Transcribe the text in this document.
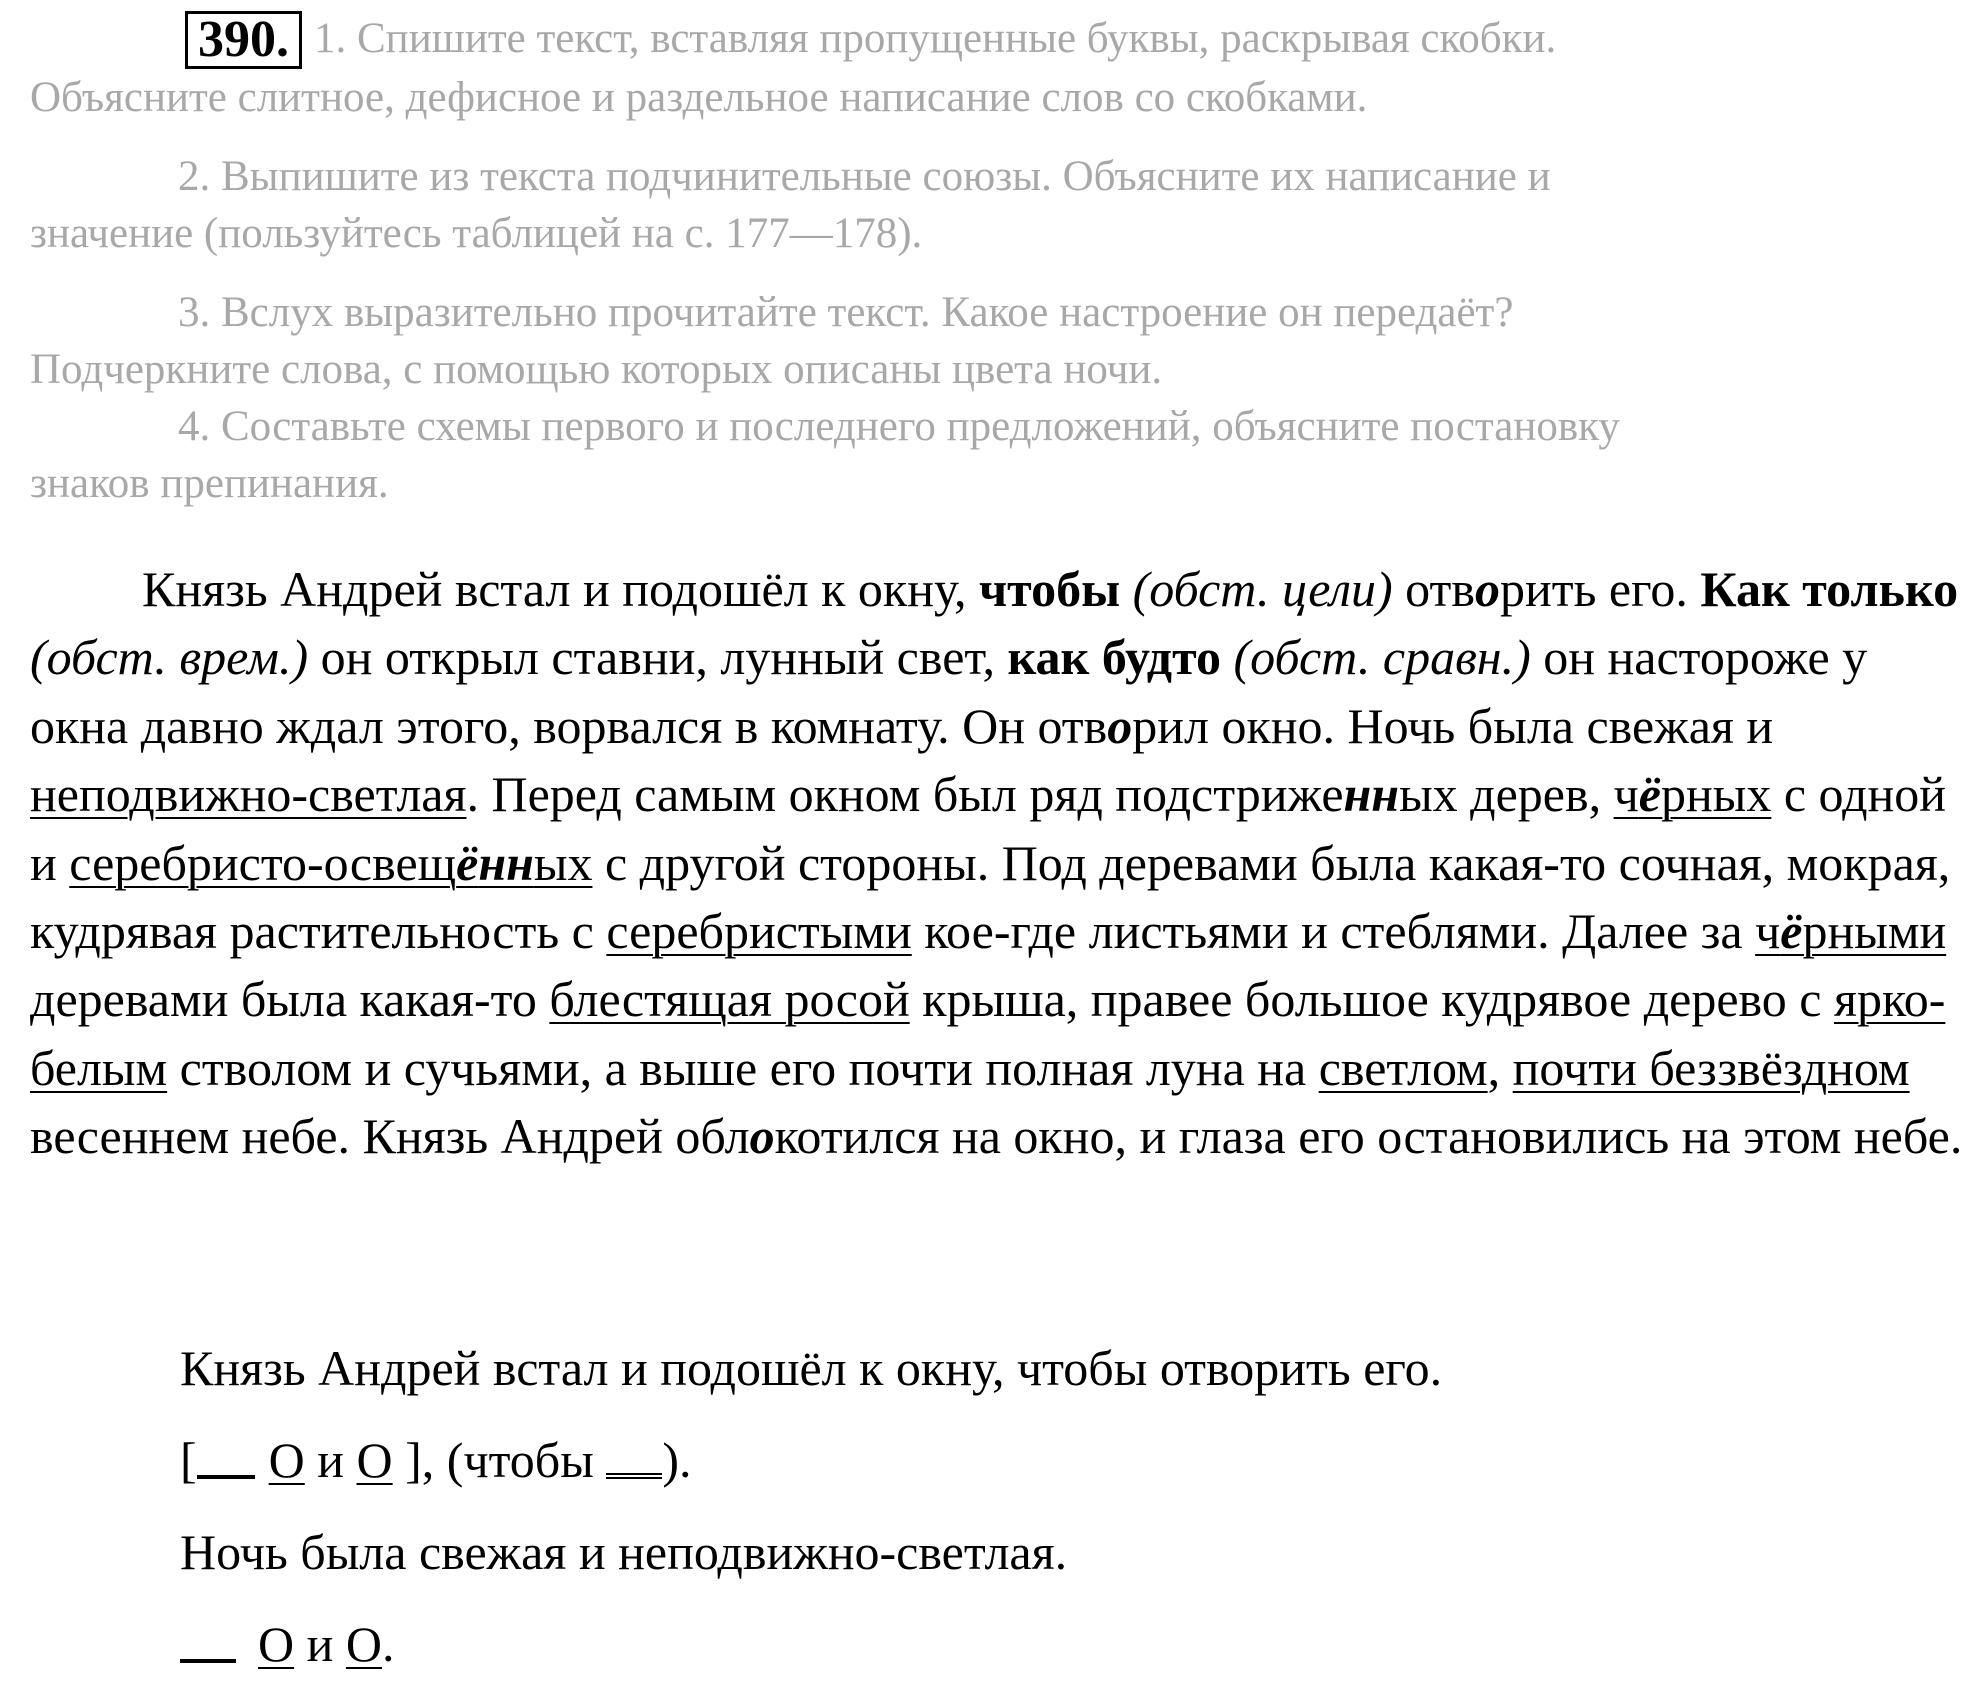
390. 1. Спишите текст, вставляя пропущенные буквы, раскрывая скобки.
Объясните слитное, дефисное и раздельное написание слов со скобками.

2. Выпишите из текста подчинительные союзы. Объясните их написание и
значение (пользуйтесь таблицей на с. 177—178).

3. Вслух выразительно прочитайте текст. Какое настроение он передаёт?
Подчеркните слова, с помощью которых описаны цвета ночи.

4. Составьте схемы первого и последнего предложений, объясните постановку
знаков препинания.

Князь Андрей встал и подошёл к окну, чтобы (обст. цели) отворить его. Как только (обст. врем.) он открыл ставни, лунный свет, как будто (обст. сравн.) он настороже у окна давно ждал этого, ворвался в комнату. Он отворил окно. Ночь была свежая и неподвижно-светлая. Перед самым окном был ряд подстриженных дерев, чёрных с одной и серебристо-освещённых с другой стороны. Под деревами была какая-то сочная, мокрая, кудрявая растительность с серебристыми кое-где листьями и стеблями. Далее за чёрными деревами была какая-то блестящая росой крыша, правее большое кудрявое дерево с ярко-белым стволом и сучьями, а выше его почти полная луна на светлом, почти беззвёздном весеннем небе. Князь Андрей облокотился на окно, и глаза его остановились на этом небе.

Князь Андрей встал и подошёл к окну, чтобы отворить его.

[ О и О ], (чтобы ).

Ночь была свежая и неподвижно-светлая.

О и О.
